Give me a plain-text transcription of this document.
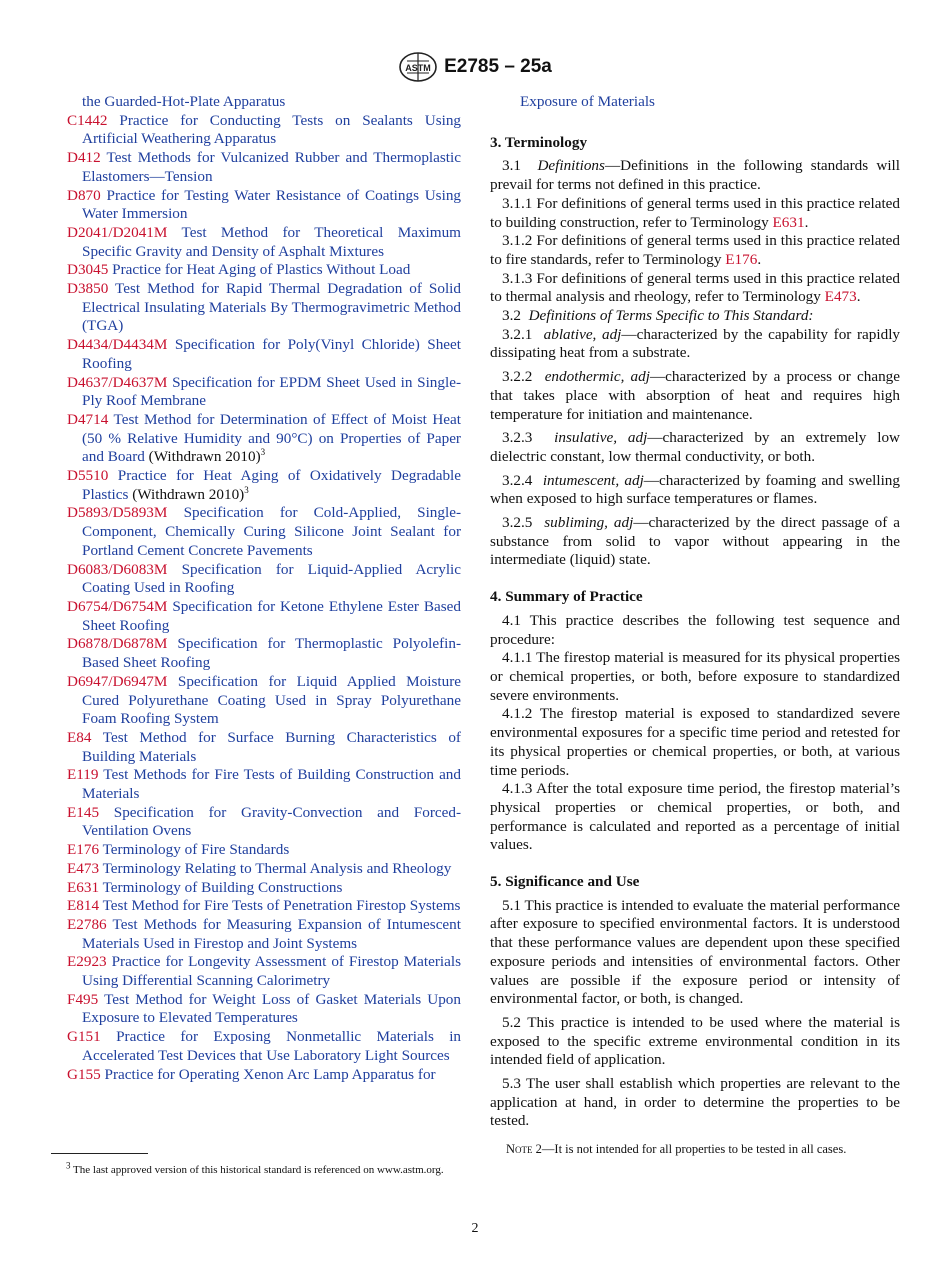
ASTM E2785 – 25a
the Guarded-Hot-Plate Apparatus
C1442 Practice for Conducting Tests on Sealants Using Artificial Weathering Apparatus
D412 Test Methods for Vulcanized Rubber and Thermoplastic Elastomers—Tension
D870 Practice for Testing Water Resistance of Coatings Using Water Immersion
D2041/D2041M Test Method for Theoretical Maximum Specific Gravity and Density of Asphalt Mixtures
D3045 Practice for Heat Aging of Plastics Without Load
D3850 Test Method for Rapid Thermal Degradation of Solid Electrical Insulating Materials By Thermogravimetric Method (TGA)
D4434/D4434M Specification for Poly(Vinyl Chloride) Sheet Roofing
D4637/D4637M Specification for EPDM Sheet Used in Single-Ply Roof Membrane
D4714 Test Method for Determination of Effect of Moist Heat (50 % Relative Humidity and 90°C) on Properties of Paper and Board (Withdrawn 2010)$^3$
D5510 Practice for Heat Aging of Oxidatively Degradable Plastics (Withdrawn 2010)$^3$
D5893/D5893M Specification for Cold-Applied, Single-Component, Chemically Curing Silicone Joint Sealant for Portland Cement Concrete Pavements
D6083/D6083M Specification for Liquid-Applied Acrylic Coating Used in Roofing
D6754/D6754M Specification for Ketone Ethylene Ester Based Sheet Roofing
D6878/D6878M Specification for Thermoplastic Polyolefin-Based Sheet Roofing
D6947/D6947M Specification for Liquid Applied Moisture Cured Polyurethane Coating Used in Spray Polyurethane Foam Roofing System
E84 Test Method for Surface Burning Characteristics of Building Materials
E119 Test Methods for Fire Tests of Building Construction and Materials
E145 Specification for Gravity-Convection and Forced-Ventilation Ovens
E176 Terminology of Fire Standards
E473 Terminology Relating to Thermal Analysis and Rheology
E631 Terminology of Building Constructions
E814 Test Method for Fire Tests of Penetration Firestop Systems
E2786 Test Methods for Measuring Expansion of Intumescent Materials Used in Firestop and Joint Systems
E2923 Practice for Longevity Assessment of Firestop Materials Using Differential Scanning Calorimetry
F495 Test Method for Weight Loss of Gasket Materials Upon Exposure to Elevated Temperatures
G151 Practice for Exposing Nonmetallic Materials in Accelerated Test Devices that Use Laboratory Light Sources
G155 Practice for Operating Xenon Arc Lamp Apparatus for
Exposure of Materials
3. Terminology
3.1 Definitions—Definitions in the following standards will prevail for terms not defined in this practice.
3.1.1 For definitions of general terms used in this practice related to building construction, refer to Terminology E631.
3.1.2 For definitions of general terms used in this practice related to fire standards, refer to Terminology E176.
3.1.3 For definitions of general terms used in this practice related to thermal analysis and rheology, refer to Terminology E473.
3.2 Definitions of Terms Specific to This Standard:
3.2.1 ablative, adj—characterized by the capability for rapidly dissipating heat from a substrate.
3.2.2 endothermic, adj—characterized by a process or change that takes place with absorption of heat and requires high temperature for initiation and maintenance.
3.2.3 insulative, adj—characterized by an extremely low dielectric constant, low thermal conductivity, or both.
3.2.4 intumescent, adj—characterized by foaming and swelling when exposed to high surface temperatures or flames.
3.2.5 subliming, adj—characterized by the direct passage of a substance from solid to vapor without appearing in the intermediate (liquid) state.
4. Summary of Practice
4.1 This practice describes the following test sequence and procedure:
4.1.1 The firestop material is measured for its physical properties or chemical properties, or both, before exposure to standardized severe environments.
4.1.2 The firestop material is exposed to standardized severe environmental exposures for a specific time period and retested for its physical properties or chemical properties, or both, at various time periods.
4.1.3 After the total exposure time period, the firestop material’s physical properties or chemical properties, or both, and performance is calculated and reported as a percentage of initial values.
5. Significance and Use
5.1 This practice is intended to evaluate the material performance after exposure to specified environmental factors. It is understood that these performance values are dependent upon these specified exposure periods and intensities of environmental factors. Other values are possible if the exposure period or intensity of environmental factor, or both, is changed.
5.2 This practice is intended to be used where the material is exposed to the specific extreme environmental condition in its intended field of application.
5.3 The user shall establish which properties are relevant to the application at hand, in order to determine the properties to be tested.
Note 2—It is not intended for all properties to be tested in all cases.
$^3$ The last approved version of this historical standard is referenced on www.astm.org.
2
